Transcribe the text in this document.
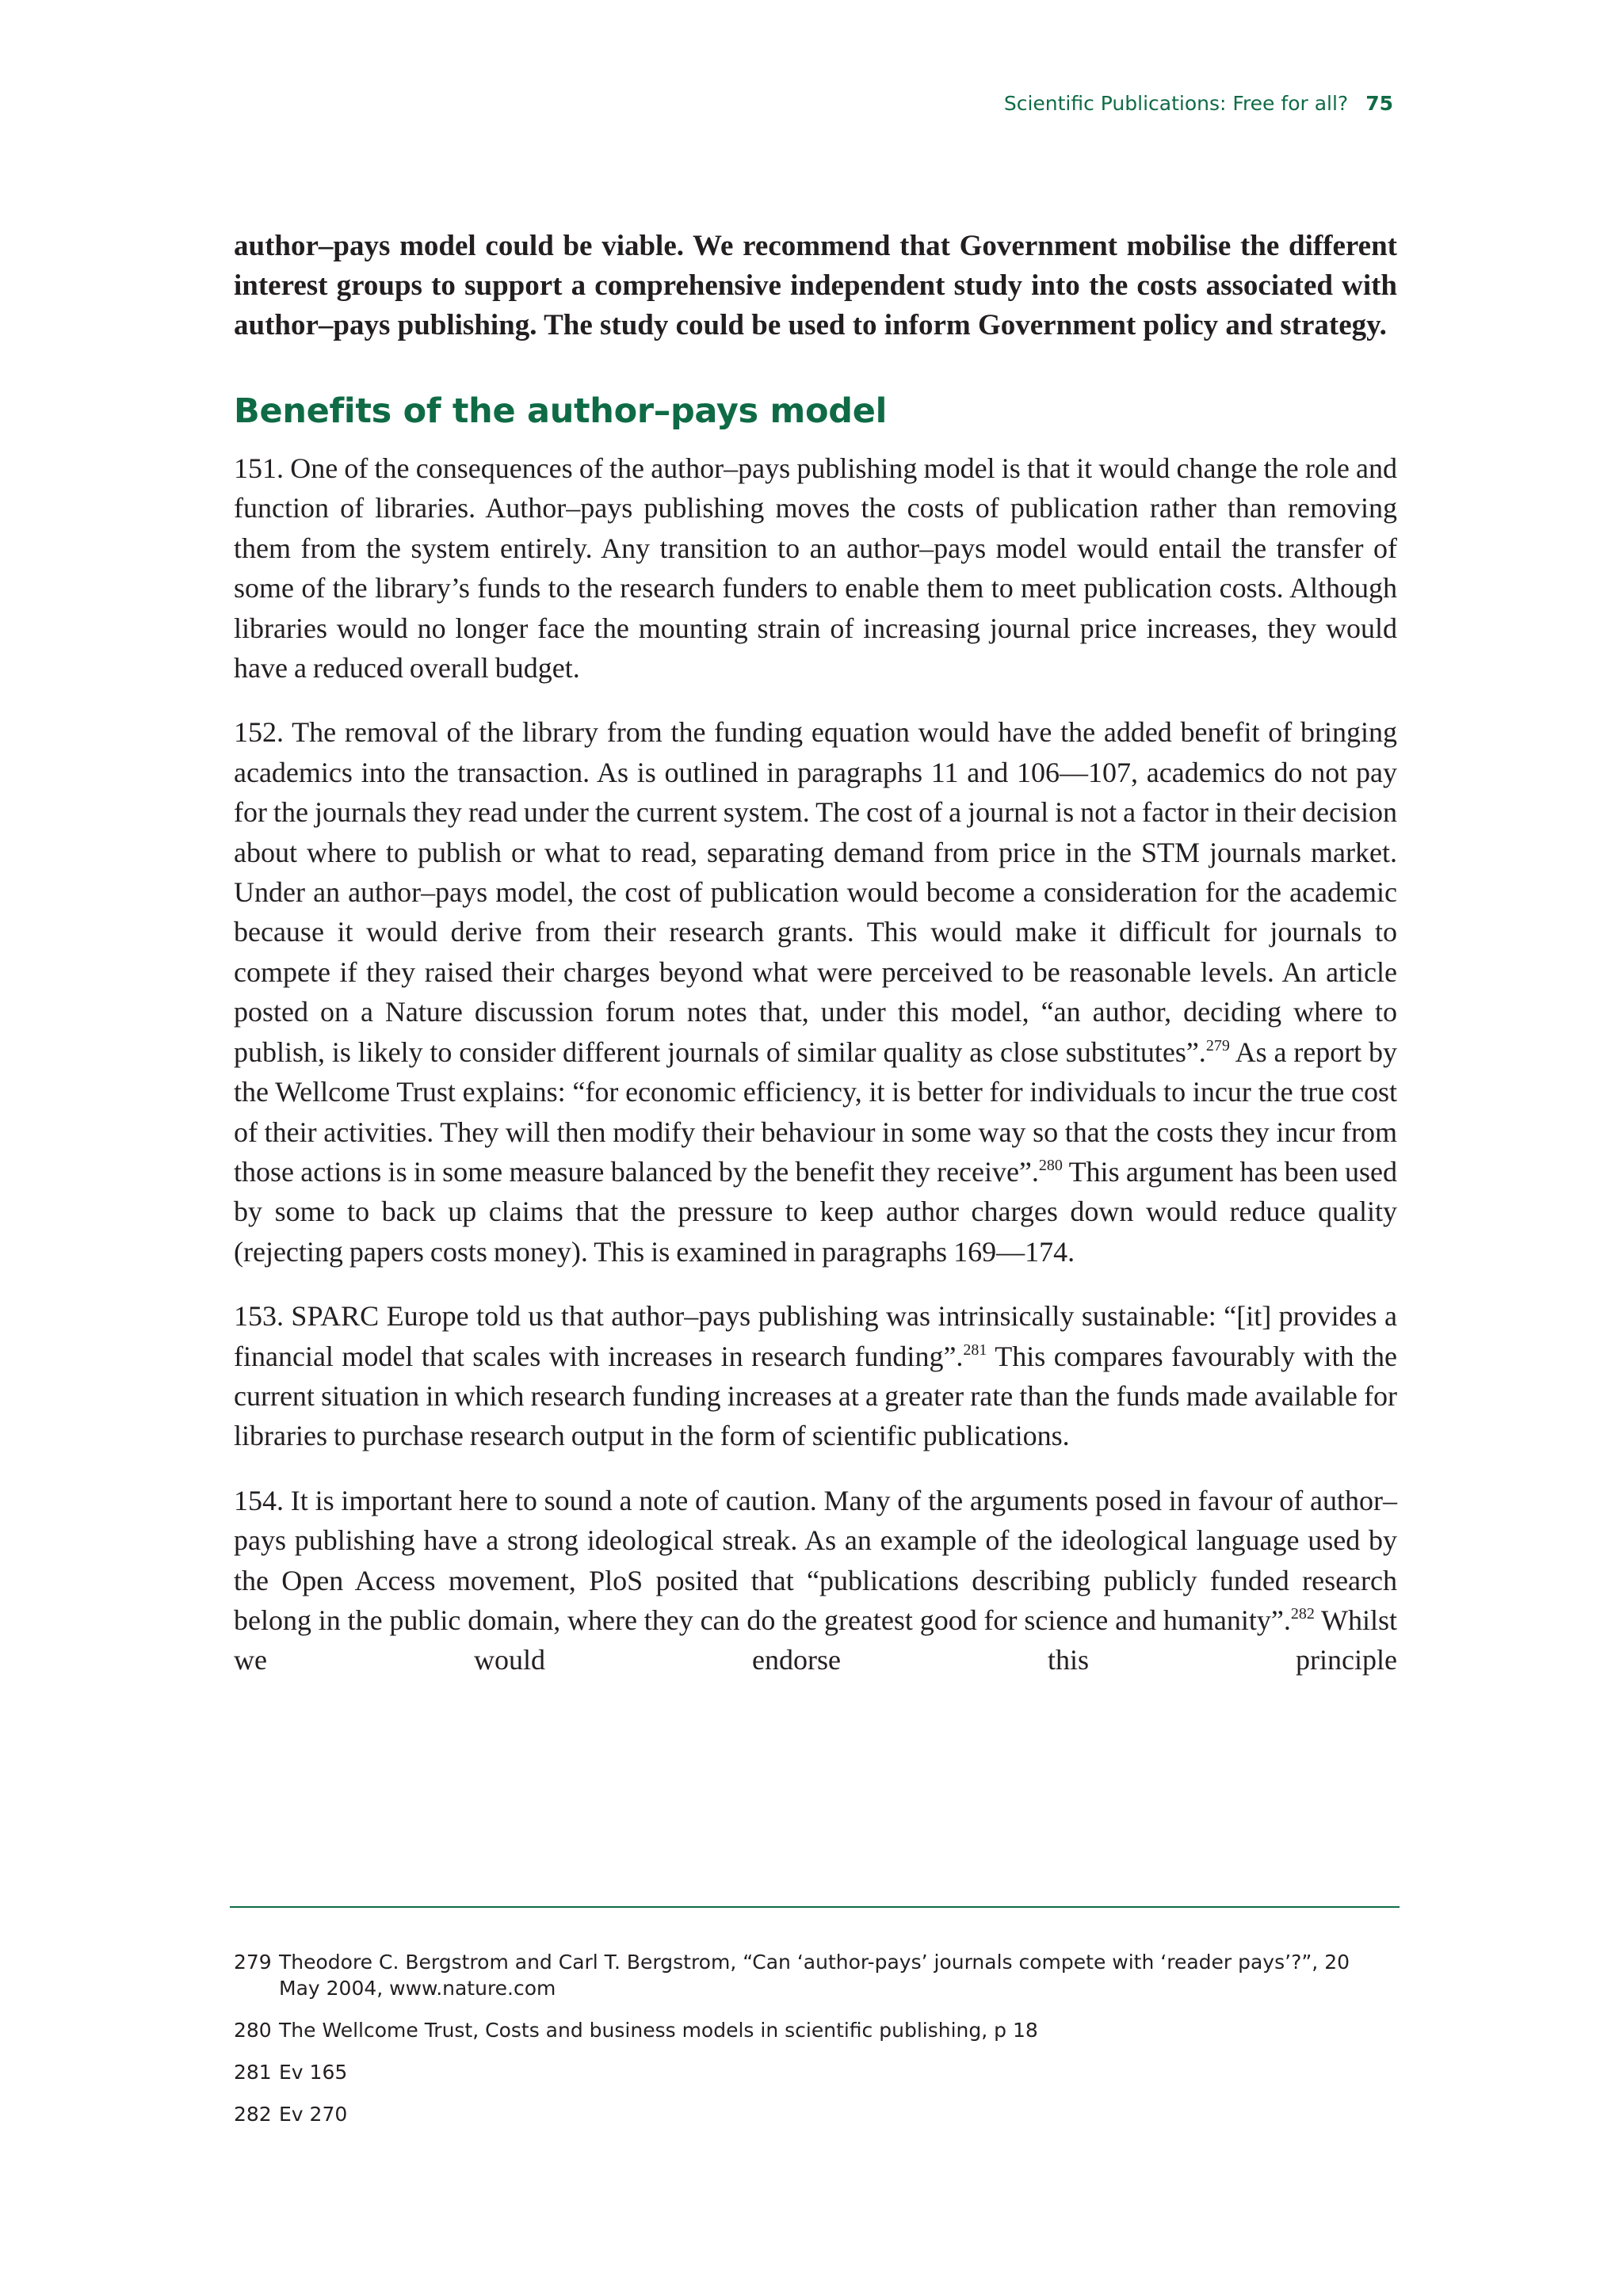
Scientific Publications: Free for all? 75

author–pays model could be viable. We recommend that Government mobilise the different interest groups to support a comprehensive independent study into the costs associated with author–pays publishing. The study could be used to inform Government policy and strategy.

Benefits of the author–pays model

151. One of the consequences of the author–pays publishing model is that it would change the role and function of libraries. Author–pays publishing moves the costs of publication rather than removing them from the system entirely. Any transition to an author–pays model would entail the transfer of some of the library’s funds to the research funders to enable them to meet publication costs. Although libraries would no longer face the mounting strain of increasing journal price increases, they would have a reduced overall budget.

152. The removal of the library from the funding equation would have the added benefit of bringing academics into the transaction. As is outlined in paragraphs 11 and 106—107, academics do not pay for the journals they read under the current system. The cost of a journal is not a factor in their decision about where to publish or what to read, separating demand from price in the STM journals market. Under an author–pays model, the cost of publication would become a consideration for the academic because it would derive from their research grants. This would make it difficult for journals to compete if they raised their charges beyond what were perceived to be reasonable levels. An article posted on a Nature discussion forum notes that, under this model, “an author, deciding where to publish, is likely to consider different journals of similar quality as close substitutes”.$^{279}$ As a report by the Wellcome Trust explains: “for economic efficiency, it is better for individuals to incur the true cost of their activities. They will then modify their behaviour in some way so that the costs they incur from those actions is in some measure balanced by the benefit they receive”.$^{280}$ This argument has been used by some to back up claims that the pressure to keep author charges down would reduce quality (rejecting papers costs money). This is examined in paragraphs 169—174.

153. SPARC Europe told us that author–pays publishing was intrinsically sustainable: “[it] provides a financial model that scales with increases in research funding”.$^{281}$ This compares favourably with the current situation in which research funding increases at a greater rate than the funds made available for libraries to purchase research output in the form of scientific publications.

154. It is important here to sound a note of caution. Many of the arguments posed in favour of author–pays publishing have a strong ideological streak. As an example of the ideological language used by the Open Access movement, PloS posited that “publications describing publicly funded research belong in the public domain, where they can do the greatest good for science and humanity”.$^{282}$ Whilst we would endorse this principle

279 Theodore C. Bergstrom and Carl T. Bergstrom, “Can ‘author-pays’ journals compete with ‘reader pays’?”, 20 May 2004, www.nature.com
280 The Wellcome Trust, Costs and business models in scientific publishing, p 18
281 Ev 165
282 Ev 270
